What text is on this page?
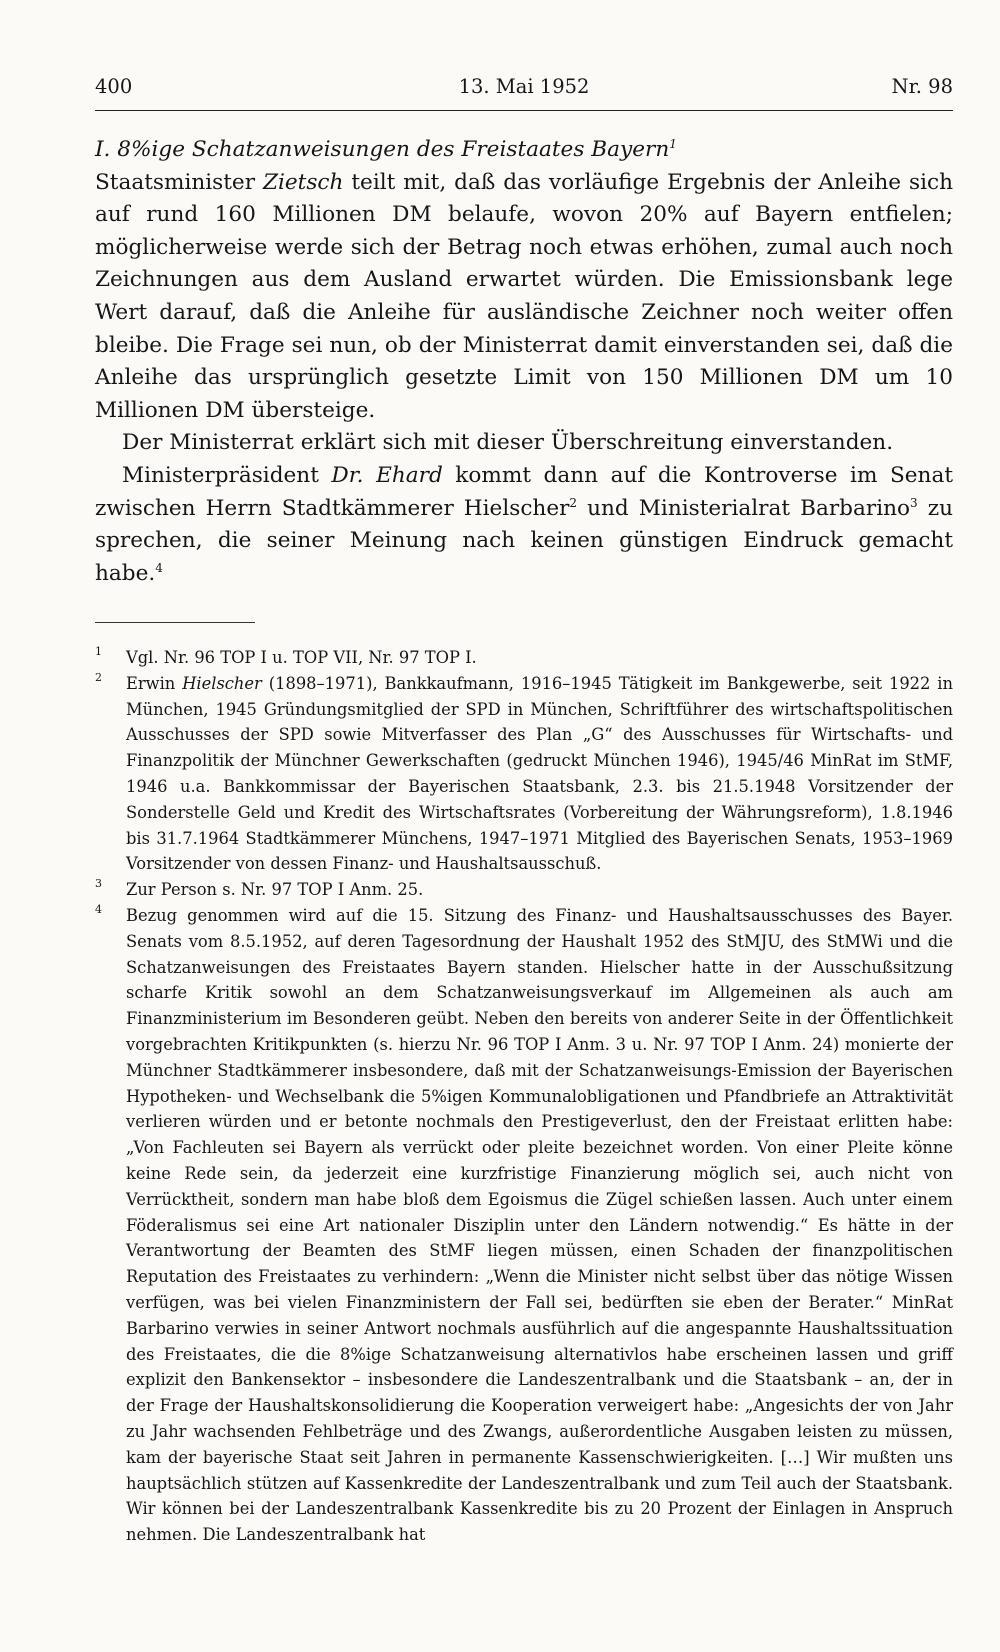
400	13. Mai 1952	Nr. 98

I. 8%ige Schatzanweisungen des Freistaates Bayern$^1$

Staatsminister Zietsch teilt mit, daß das vorläufige Ergebnis der Anleihe sich auf rund 160 Millionen DM belaufe, wovon 20% auf Bayern entfielen; möglicherweise werde sich der Betrag noch etwas erhöhen, zumal auch noch Zeichnungen aus dem Ausland erwartet würden. Die Emissionsbank lege Wert darauf, daß die Anleihe für ausländische Zeichner noch weiter offen bleibe. Die Frage sei nun, ob der Ministerrat damit einverstanden sei, daß die Anleihe das ursprünglich gesetzte Limit von 150 Millionen DM um 10 Millionen DM übersteige.

Der Ministerrat erklärt sich mit dieser Überschreitung einverstanden.

Ministerpräsident Dr. Ehard kommt dann auf die Kontroverse im Senat zwischen Herrn Stadtkämmerer Hielscher$^2$ und Ministerialrat Barbarino$^3$ zu sprechen, die seiner Meinung nach keinen günstigen Eindruck gemacht habe.$^4$

1 Vgl. Nr. 96 TOP I u. TOP VII, Nr. 97 TOP I.
2 Erwin Hielscher (1898–1971), Bankkaufmann, 1916–1945 Tätigkeit im Bankgewerbe, seit 1922 in München, 1945 Gründungsmitglied der SPD in München, Schriftführer des wirtschaftspolitischen Ausschusses der SPD sowie Mitverfasser des Plan „G“ des Ausschusses für Wirtschafts- und Finanzpolitik der Münchner Gewerkschaften (gedruckt München 1946), 1945/46 MinRat im StMF, 1946 u.a. Bankkommissar der Bayerischen Staatsbank, 2.3. bis 21.5.1948 Vorsitzender der Sonderstelle Geld und Kredit des Wirtschaftsrates (Vorbereitung der Währungsreform), 1.8.1946 bis 31.7.1964 Stadtkämmerer Münchens, 1947–1971 Mitglied des Bayerischen Senats, 1953–1969 Vorsitzender von dessen Finanz- und Haushaltsausschuß.
3 Zur Person s. Nr. 97 TOP I Anm. 25.
4 Bezug genommen wird auf die 15. Sitzung des Finanz- und Haushaltsausschusses des Bayer. Senats vom 8.5.1952, auf deren Tagesordnung der Haushalt 1952 des StMJU, des StMWi und die Schatzanweisungen des Freistaates Bayern standen. Hielscher hatte in der Ausschußsitzung scharfe Kritik sowohl an dem Schatzanweisungsverkauf im Allgemeinen als auch am Finanzministerium im Besonderen geübt. Neben den bereits von anderer Seite in der Öffentlichkeit vorgebrachten Kritikpunkten (s. hierzu Nr. 96 TOP I Anm. 3 u. Nr. 97 TOP I Anm. 24) monierte der Münchner Stadtkämmerer insbesondere, daß mit der Schatzanweisungs-Emission der Bayerischen Hypotheken- und Wechselbank die 5%igen Kommunalobligationen und Pfandbriefe an Attraktivität verlieren würden und er betonte nochmals den Prestigeverlust, den der Freistaat erlitten habe: „Von Fachleuten sei Bayern als verrückt oder pleite bezeichnet worden. Von einer Pleite könne keine Rede sein, da jederzeit eine kurzfristige Finanzierung möglich sei, auch nicht von Verrücktheit, sondern man habe bloß dem Egoismus die Zügel schießen lassen. Auch unter einem Föderalismus sei eine Art nationaler Disziplin unter den Ländern notwendig.“ Es hätte in der Verantwortung der Beamten des StMF liegen müssen, einen Schaden der finanzpolitischen Reputation des Freistaates zu verhindern: „Wenn die Minister nicht selbst über das nötige Wissen verfügen, was bei vielen Finanzministern der Fall sei, bedürften sie eben der Berater.“ MinRat Barbarino verwies in seiner Antwort nochmals ausführlich auf die angespannte Haushaltssituation des Freistaates, die die 8%ige Schatzanweisung alternativlos habe erscheinen lassen und griff explizit den Bankensektor – insbesondere die Landeszentralbank und die Staatsbank – an, der in der Frage der Haushaltskonsolidierung die Kooperation verweigert habe: „Angesichts der von Jahr zu Jahr wachsenden Fehlbeträge und des Zwangs, außerordentliche Ausgaben leisten zu müssen, kam der bayerische Staat seit Jahren in permanente Kassenschwierigkeiten. […] Wir mußten uns hauptsächlich stützen auf Kassenkredite der Landeszentralbank und zum Teil auch der Staatsbank. Wir können bei der Landeszentralbank Kassenkredite bis zu 20 Prozent der Einlagen in Anspruch nehmen. Die Landeszentralbank hat
